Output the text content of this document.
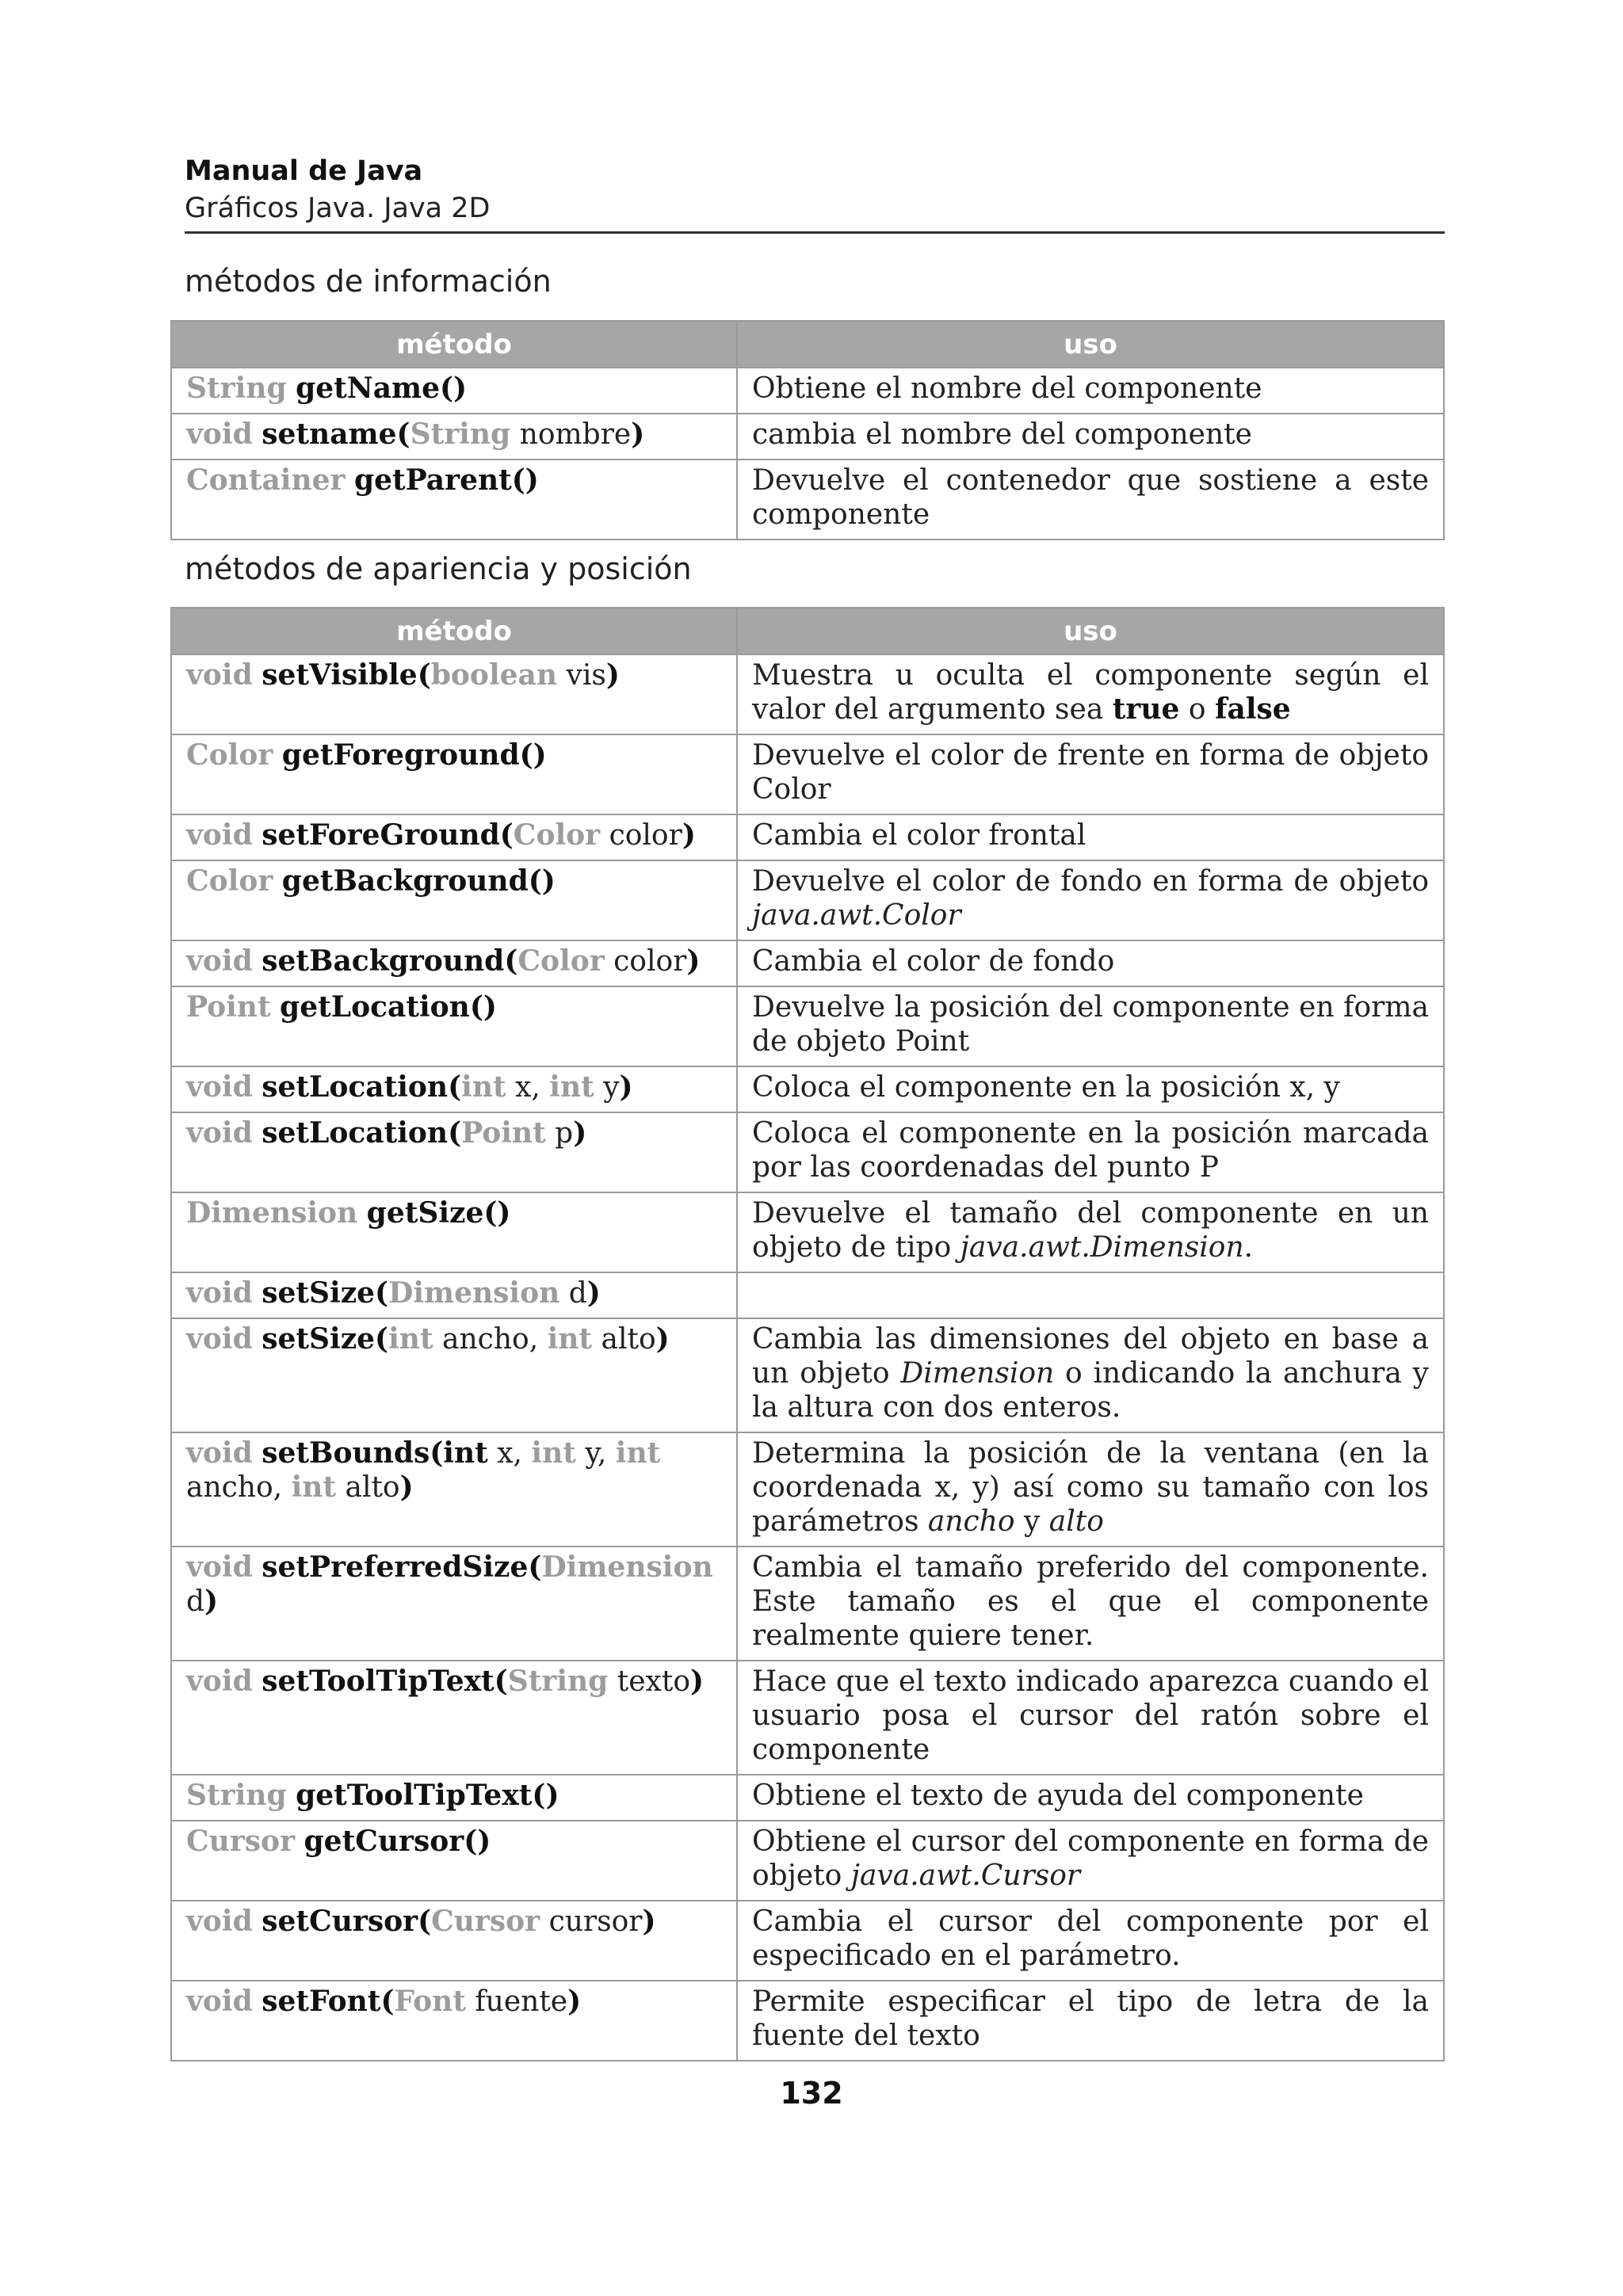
Manual de Java
Gráficos Java. Java 2D
métodos de información
método	uso
String getName()	Obtiene el nombre del componente
void setname(String nombre)	cambia el nombre del componente
Container getParent()	Devuelve el contenedor que sostiene a este componente
métodos de apariencia y posición
método	uso
void setVisible(boolean vis)	Muestra u oculta el componente según el valor del argumento sea true o false
Color getForeground()	Devuelve el color de frente en forma de objeto Color
void setForeGround(Color color)	Cambia el color frontal
Color getBackground()	Devuelve el color de fondo en forma de objeto java.awt.Color
void setBackground(Color color)	Cambia el color de fondo
Point getLocation()	Devuelve la posición del componente en forma de objeto Point
void setLocation(int x, int y)	Coloca el componente en la posición x, y
void setLocation(Point p)	Coloca el componente en la posición marcada por las coordenadas del punto P
Dimension getSize()	Devuelve el tamaño del componente en un objeto de tipo java.awt.Dimension.
void setSize(Dimension d)	
void setSize(int ancho, int alto)	Cambia las dimensiones del objeto en base a un objeto Dimension o indicando la anchura y la altura con dos enteros.
void setBounds(int x, int y, int ancho, int alto)	Determina la posición de la ventana (en la coordenada x, y) así como su tamaño con los parámetros ancho y alto
void setPreferredSize(Dimension d)	Cambia el tamaño preferido del componente. Este tamaño es el que el componente realmente quiere tener.
void setToolTipText(String texto)	Hace que el texto indicado aparezca cuando el usuario posa el cursor del ratón sobre el componente
String getToolTipText()	Obtiene el texto de ayuda del componente
Cursor getCursor()	Obtiene el cursor del componente en forma de objeto java.awt.Cursor
void setCursor(Cursor cursor)	Cambia el cursor del componente por el especificado en el parámetro.
void setFont(Font fuente)	Permite especificar el tipo de letra de la fuente del texto
132
